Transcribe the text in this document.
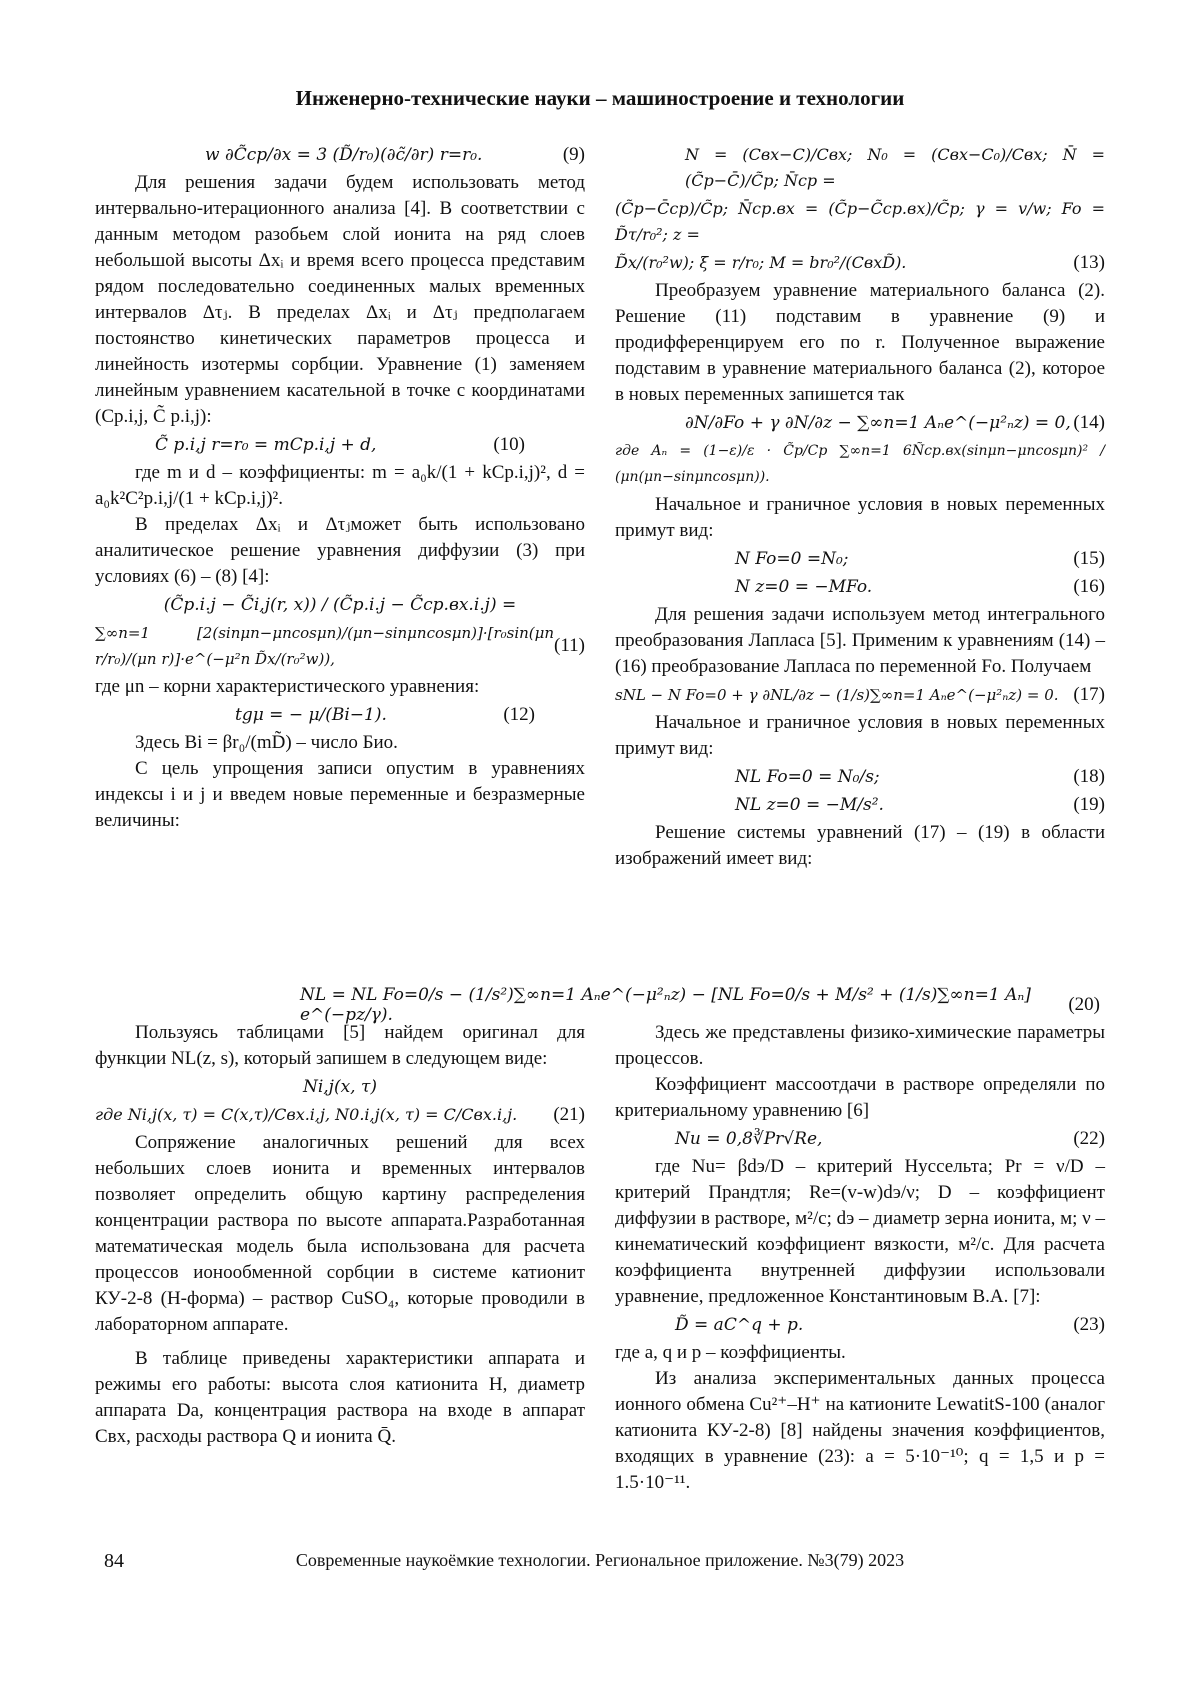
Инженерно-технические науки – машиностроение и технологии
w ∂C̃ср/∂x = 3 (D̃/r₀)(∂c̃/∂r) r=r₀.	(9)

Для решения задачи будем использовать метод интервально-итерационного анализа [4]. В соответствии с данным методом разобьем слой ионита на ряд слоев небольшой высоты Δxᵢ и время всего процесса представим рядом последовательно соединенных малых временных интервалов Δτⱼ. В пределах Δxᵢ и Δτⱼ предполагаем постоянство кинетических параметров процесса и линейность изотермы сорбции. Уравнение (1) заменяем линейным уравнением касательной в точке с координатами (Cp.i,j, C̃ p.i,j):

C̃ p.i,j r=r₀ = mCp.i,j + d,	(10)

где m и d – коэффициенты: m = a₀k/(1 + kCp.i,j)², d = a₀k²C²p.i,j/(1 + kCp.i,j)².

В пределах Δxᵢ и Δτⱼможет быть использовано аналитическое решение уравнения диффузии (3) при условиях (6) – (8) [4]:

(C̃p.i.j − C̃i,j(r, x)) / (C̃p.i.j − C̃ср.вх.i.j) =
∑∞n=1 [2(sinμn−μncosμn)/(μn−sinμncosμn)]·[r₀sin(μn r/r₀)/(μn r)]·e^(−μ²n D̃x/(r₀²w)),
(11)

где μn – корни характеристического уравнения:

tgμ = − μ/(Bi−1).	(12)

Здесь Bi = βr₀/(mD̃) – число Био.

С цель упрощения записи опустим в уравнениях индексы i и j и введем новые переменные и безразмерные величины:

N = (Cвх−C)/Cвх; N₀ = (Cвх−C₀)/Cвх; N̄ = (C̃p−C̄)/C̃p; N̄ср =
(C̃p−C̄ср)/C̃p; N̄ср.вх = (C̃p−C̃ср.вх)/C̃p; γ = v/w; Fo = D̃τ/r₀²; z =
D̃x/(r₀²w); ξ = r/r₀; M = br₀²/(CвхD̃).	(13)

Преобразуем уравнение материального баланса (2). Решение (11) подставим в уравнение (9) и продифференцируем его по r. Полученное выражение подставим в уравнение материального баланса (2), которое в новых переменных запишется так

∂N/∂Fo + γ ∂N/∂z − ∑∞n=1 Aₙe^(−μ²ₙz) = 0, (14)
где Aₙ = (1−ε)/ε · C̃p/Cp ∑∞n=1 6Ñср.вх(sinμn−μncosμn)² / (μn(μn−sinμncosμn)).

Начальное и граничное условия в новых переменных примут вид:

N Fo=0 =N₀;	(15)
N z=0 = −MFo.	(16)

Для решения задачи используем метод интегрального преобразования Лапласа [5]. Применим к уравнениям (14) – (16) преобразование Лапласа по переменной Fo. Получаем

sNL − N Fo=0 + γ ∂NL/∂z − (1/s)∑∞n=1 Aₙe^(−μ²ₙz) = 0. (17)

Начальное и граничное условия в новых переменных примут вид:

NL Fo=0 = N₀/s;	(18)
NL z=0 = −M/s².	(19)

Решение системы уравнений (17) – (19) в области изображений имеет вид:

NL = NL Fo=0/s − (1/s²)∑∞n=1 Aₙe^(−μ²ₙz) − [NL Fo=0/s + M/s² + (1/s)∑∞n=1 Aₙ] e^(−pz/γ).	(20)

Пользуясь таблицами [5] найдем оригинал для функции NL(z, s), который запишем в следующем виде:

Ni,j(x, τ)
где Ni,j(x, τ) = C(x,τ)/Cвх.i,j, N0.i,j(x, τ) = C/Cвх.i,j. (21)

Сопряжение аналогичных решений для всех небольших слоев ионита и временных интервалов позволяет определить общую картину распределения концентрации раствора по высоте аппарата.Разработанная математическая модель была использована для расчета процессов ионообменной сорбции в системе катионит КУ-2-8 (Н-форма) – раствор CuSO₄, которые проводили в лабораторном аппарате.

В таблице приведены характеристики аппарата и режимы его работы: высота слоя катионита H, диаметр аппарата Da, концентрация раствора на входе в аппарат Cвх, расходы раствора Q и ионита Q̄.

Здесь же представлены физико-химические параметры процессов.

Коэффициент массоотдачи в растворе определяли по критериальному уравнению [6]

Nu = 0,8∛Pr√Re,	(22)

где Nu= βdэ/D – критерий Нуссельта; Pr = ν/D – критерий Прандтля; Re=(v-w)dэ/ν; D – коэффициент диффузии в растворе, м²/с; dэ – диаметр зерна ионита, м; ν – кинематический коэффициент вязкости, м²/с. Для расчета коэффициента внутренней диффузии использовали уравнение, предложенное Константиновым В.А. [7]:

D̃ = aC^q + p.	(23)

где a, q и p – коэффициенты.

Из анализа экспериментальных данных процесса ионного обмена Cu²⁺–H⁺ на катионите LewatitS-100 (аналог катионита КУ-2-8) [8] найдены значения коэффициентов, входящих в уравнение (23): a = 5·10⁻¹⁰; q = 1,5 и p = 1.5·10⁻¹¹.

84	Современные наукоёмкие технологии. Региональное приложение. №3(79) 2023
